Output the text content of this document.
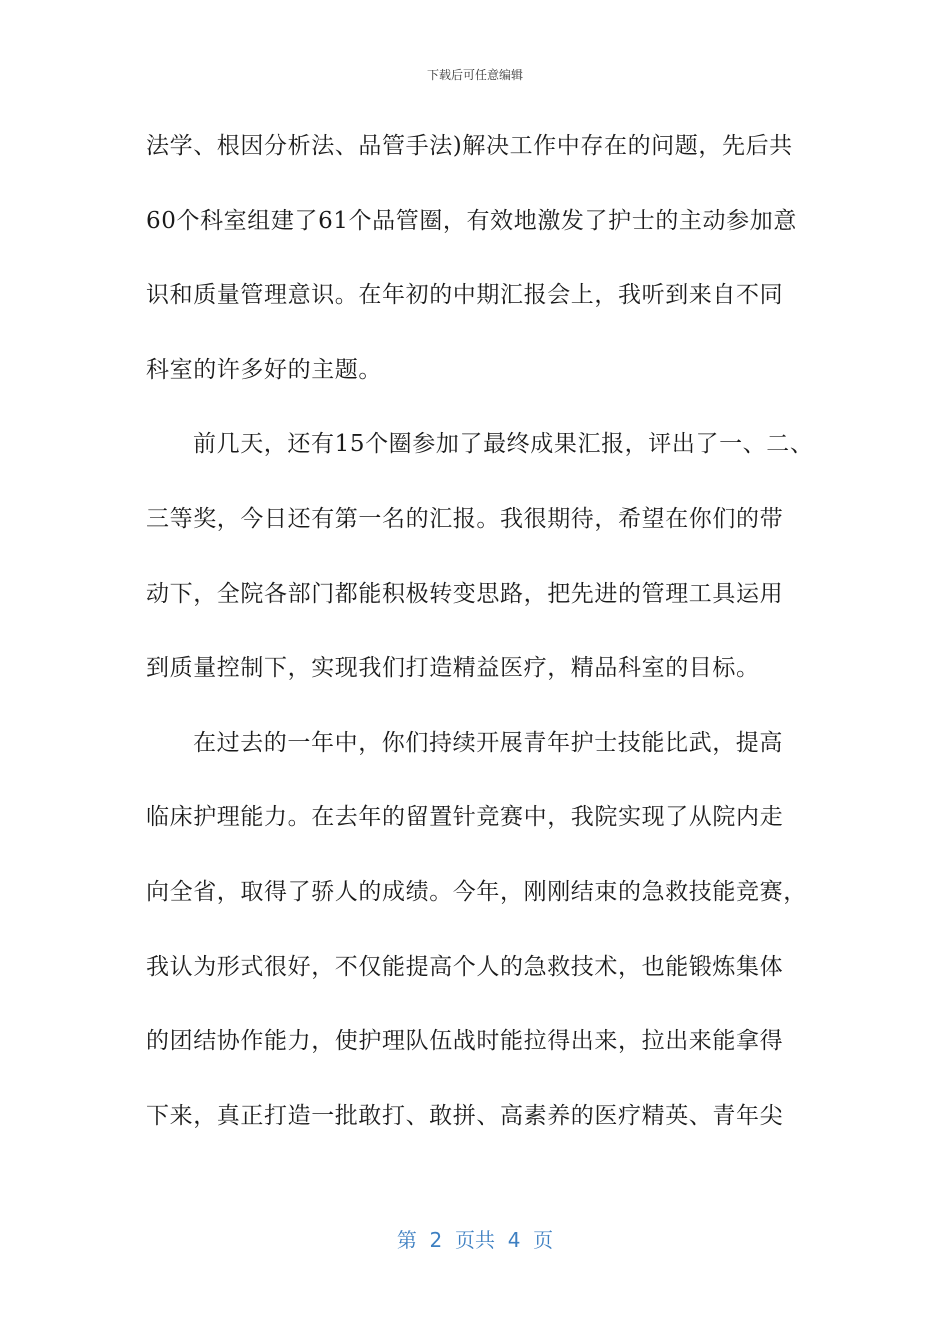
下载后可任意编辑
法学、根因分析法、品管手法)解决工作中存在的问题，先后共
60个科室组建了61个品管圈，有效地激发了护士的主动参加意
识和质量管理意识。在年初的中期汇报会上，我听到来自不同
科室的许多好的主题。
前几天，还有15个圈参加了最终成果汇报，评出了一、二、
三等奖，今日还有第一名的汇报。我很期待，希望在你们的带
动下，全院各部门都能积极转变思路，把先进的管理工具运用
到质量控制下，实现我们打造精益医疗，精品科室的目标。
在过去的一年中，你们持续开展青年护士技能比武，提高
临床护理能力。在去年的留置针竞赛中，我院实现了从院内走
向全省，取得了骄人的成绩。今年，刚刚结束的急救技能竞赛，
我认为形式很好，不仅能提高个人的急救技术，也能锻炼集体
的团结协作能力，使护理队伍战时能拉得出来，拉出来能拿得
下来，真正打造一批敢打、敢拼、高素养的医疗精英、青年尖
第  2  页共  4  页
